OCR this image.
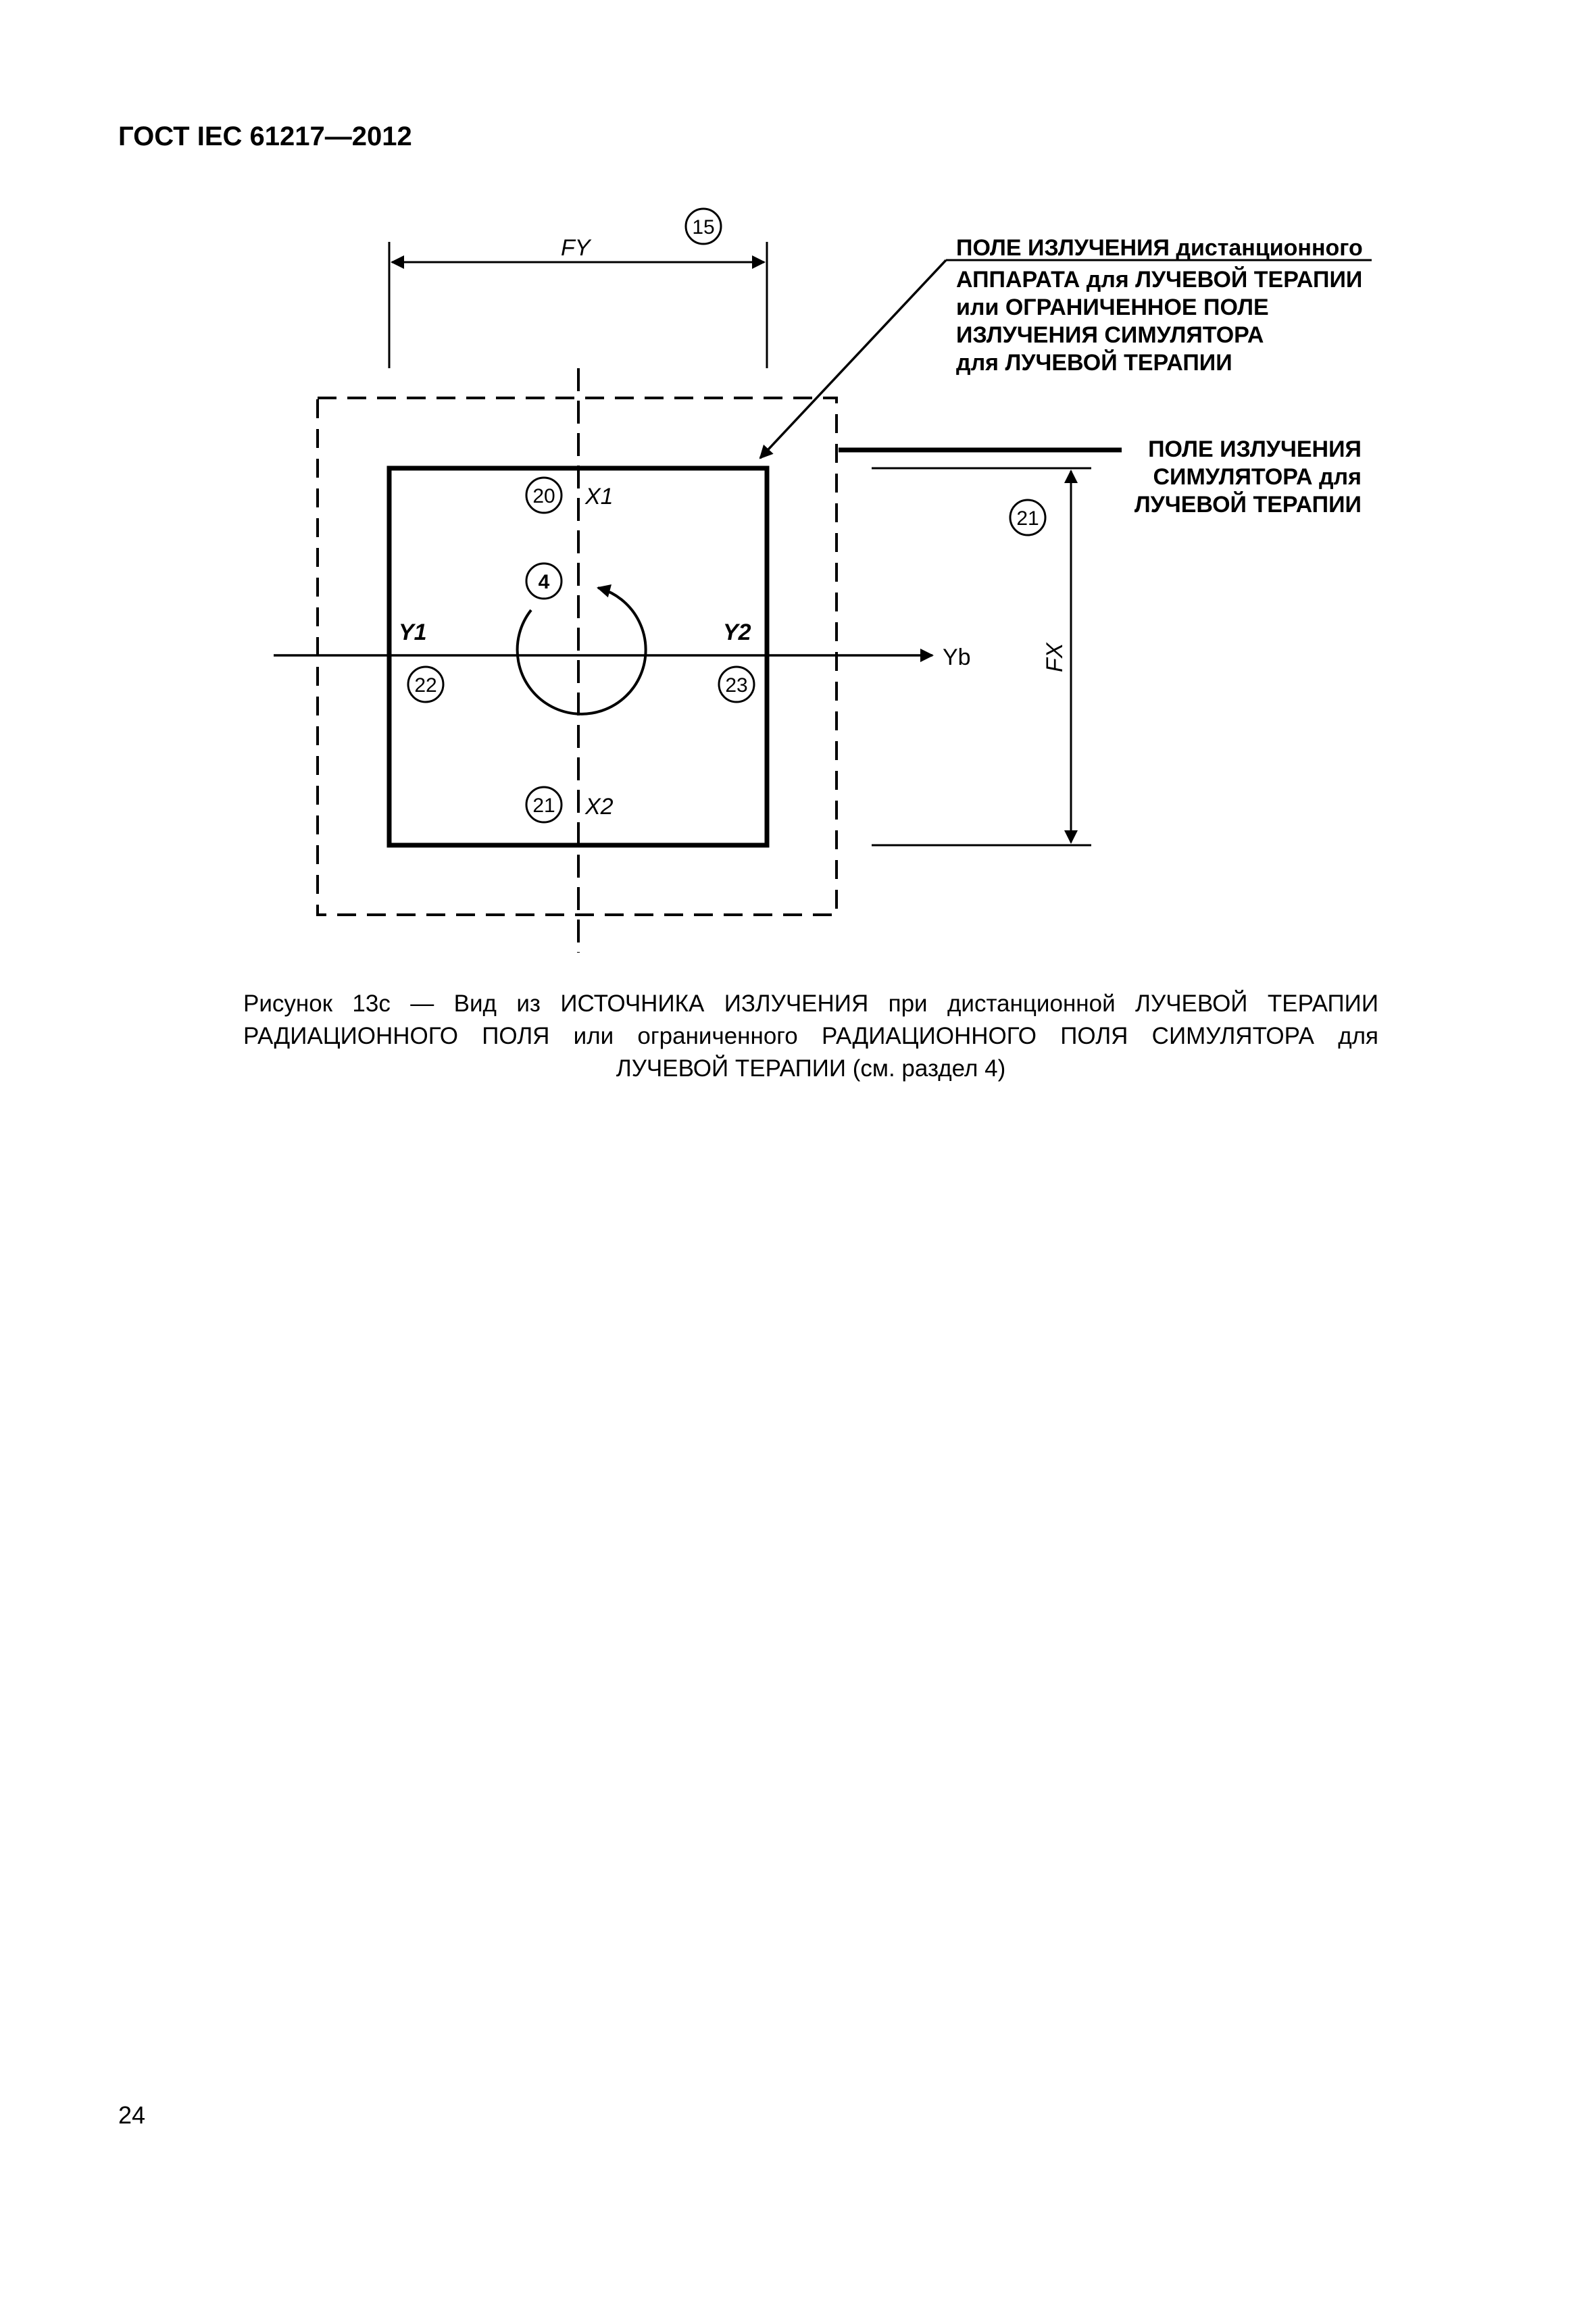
ГОСТ IEC 61217—2012
Yb
FY
15
FX
21
20 X1
21 X2
Y1
22
Y2
23
4
ПОЛЕ ИЗЛУЧЕНИЯ дистанционного
АППАРАТА для ЛУЧЕВОЙ ТЕРАПИИ
или ОГРАНИЧЕННОЕ ПОЛЕ
ИЗЛУЧЕНИЯ СИМУЛЯТОРА
для ЛУЧЕВОЙ ТЕРАПИИ
ПОЛЕ ИЗЛУЧЕНИЯ
СИМУЛЯТОРА для
ЛУЧЕВОЙ ТЕРАПИИ
Рисунок 13с — Вид из ИСТОЧНИКА ИЗЛУЧЕНИЯ при дистанционной ЛУЧЕВОЙ ТЕРАПИИ
РАДИАЦИОННОГО ПОЛЯ или ограниченного РАДИАЦИОННОГО ПОЛЯ СИМУЛЯТОРА для
ЛУЧЕВОЙ ТЕРАПИИ (см. раздел 4)
24
